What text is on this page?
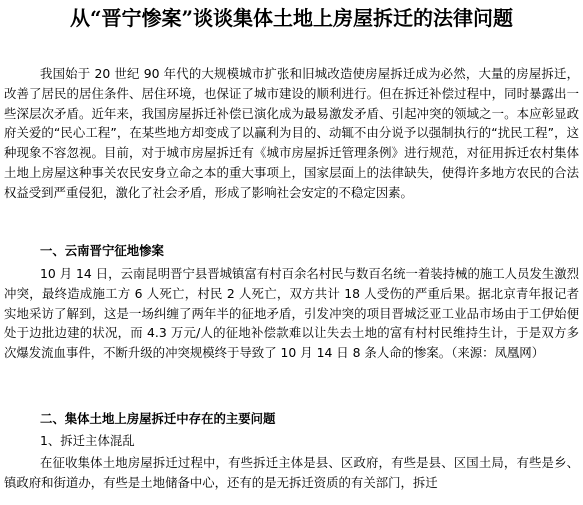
从“晋宁惨案”谈谈集体土地上房屋拆迁的法律问题

我国始于 20 世纪 90 年代的大规模城市扩张和旧城改造使房屋拆迁成为必然，大量的房屋拆迁，改善了居民的居住条件、居住环境，也保证了城市建设的顺利进行。但在拆迁补偿过程中，同时暴露出一些深层次矛盾。近年来，我国房屋拆迁补偿已演化成为最易激发矛盾、引起冲突的领域之一。本应彰显政府关爱的“民心工程”，在某些地方却变成了以赢利为目的、动辄不由分说予以强制执行的“扰民工程”，这种现象不容忽视。目前，对于城市房屋拆迁有《城市房屋拆迁管理条例》进行规范，对征用拆迁农村集体土地上房屋这种事关农民安身立命之本的重大事项上，国家层面上的法律缺失，使得许多地方农民的合法权益受到严重侵犯，激化了社会矛盾，形成了影响社会安定的不稳定因素。

一、云南晋宁征地惨案

10 月 14 日，云南昆明晋宁县晋城镇富有村百余名村民与数百名统一着装持械的施工人员发生激烈冲突，最终造成施工方 6 人死亡，村民 2 人死亡，双方共计 18 人受伤的严重后果。据北京青年报记者实地采访了解到，这是一场纠缠了两年半的征地矛盾，引发冲突的项目晋城泛亚工业品市场由于工伊始便处于边批边建的状况，而 4.3 万元/人的征地补偿款难以让失去土地的富有村村民维持生计，于是双方多次爆发流血事件，不断升级的冲突规模终于导致了 10 月 14 日 8 条人命的惨案。（来源：凤凰网）

二、集体土地上房屋拆迁中存在的主要问题
1、拆迁主体混乱

在征收集体土地房屋拆迁过程中，有些拆迁主体是县、区政府，有些是县、区国土局，有些是乡、镇政府和街道办，有些是土地储备中心，还有的是无拆迁资质的有关部门，拆迁
